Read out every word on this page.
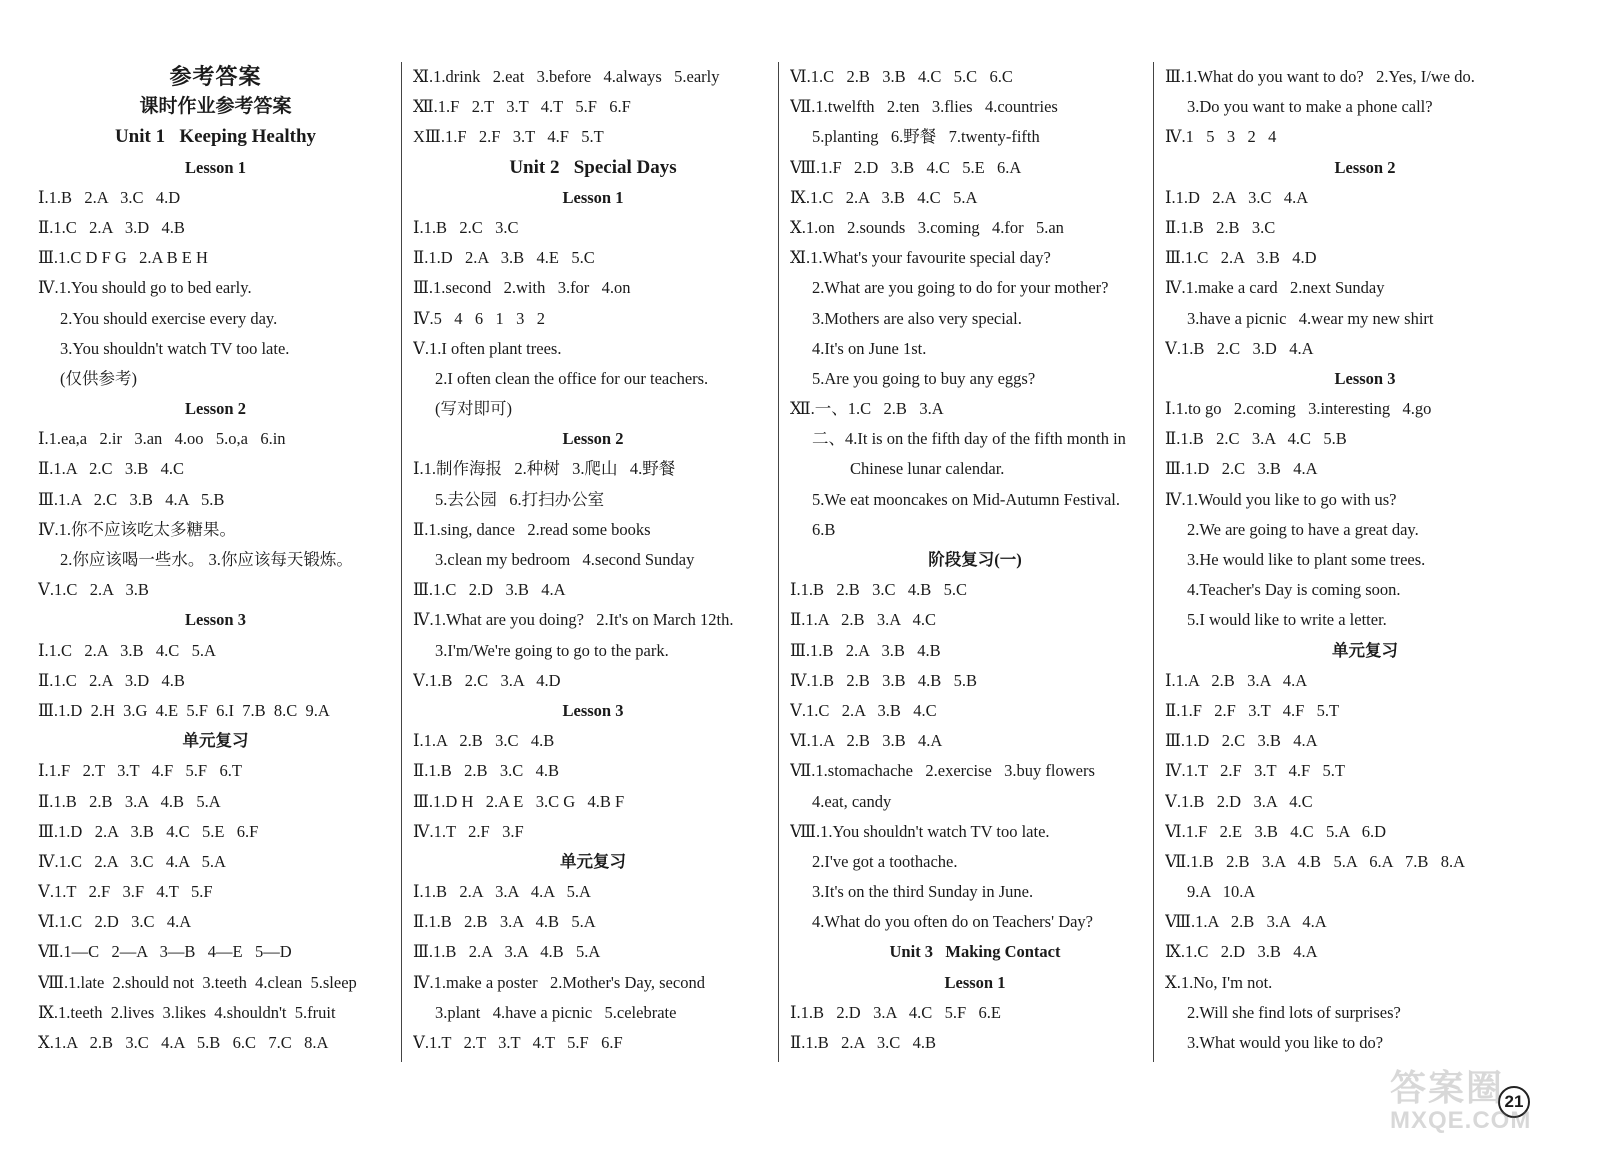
参考答案
课时作业参考答案
Unit 1   Keeping Healthy
Lesson 1
Ⅰ.1.B   2.A   3.C   4.D
Ⅱ.1.C   2.A   3.D   4.B
Ⅲ.1.C D F G   2.A B E H
Ⅳ.1.You should go to bed early.
2.You should exercise every day.
3.You shouldn't watch TV too late.
(仅供参考)
Lesson 2
Ⅰ.1.ea,a   2.ir   3.an   4.oo   5.o,a   6.in
Ⅱ.1.A   2.C   3.B   4.C
Ⅲ.1.A   2.C   3.B   4.A   5.B
Ⅳ.1.你不应该吃太多糖果。
2.你应该喝一些水。 3.你应该每天锻炼。
Ⅴ.1.C   2.A   3.B
Lesson 3
Ⅰ.1.C   2.A   3.B   4.C   5.A
Ⅱ.1.C   2.A   3.D   4.B
Ⅲ.1.D  2.H  3.G  4.E  5.F  6.I  7.B  8.C  9.A
单元复习
Ⅰ.1.F   2.T   3.T   4.F   5.F   6.T
Ⅱ.1.B   2.B   3.A   4.B   5.A
Ⅲ.1.D   2.A   3.B   4.C   5.E   6.F
Ⅳ.1.C   2.A   3.C   4.A   5.A
Ⅴ.1.T   2.F   3.F   4.T   5.F
Ⅵ.1.C   2.D   3.C   4.A
Ⅶ.1—C   2—A   3—B   4—E   5—D
Ⅷ.1.late  2.should not  3.teeth  4.clean  5.sleep
Ⅸ.1.teeth  2.lives  3.likes  4.shouldn't  5.fruit
Ⅹ.1.A   2.B   3.C   4.A   5.B   6.C   7.C   8.A
Ⅺ.1.drink   2.eat   3.before   4.always   5.early
Ⅻ.1.F   2.T   3.T   4.T   5.F   6.F
XⅢ.1.F   2.F   3.T   4.F   5.T
Unit 2   Special Days
Lesson 1
Ⅰ.1.B   2.C   3.C
Ⅱ.1.D   2.A   3.B   4.E   5.C
Ⅲ.1.second   2.with   3.for   4.on
Ⅳ.5   4   6   1   3   2
Ⅴ.1.I often plant trees.
2.I often clean the office for our teachers.
(写对即可)
Lesson 2
Ⅰ.1.制作海报   2.种树   3.爬山   4.野餐
5.去公园   6.打扫办公室
Ⅱ.1.sing, dance   2.read some books
3.clean my bedroom   4.second Sunday
Ⅲ.1.C   2.D   3.B   4.A
Ⅳ.1.What are you doing?   2.It's on March 12th.
3.I'm/We're going to go to the park.
Ⅴ.1.B   2.C   3.A   4.D
Lesson 3
Ⅰ.1.A   2.B   3.C   4.B
Ⅱ.1.B   2.B   3.C   4.B
Ⅲ.1.D H   2.A E   3.C G   4.B F
Ⅳ.1.T   2.F   3.F
单元复习
Ⅰ.1.B   2.A   3.A   4.A   5.A
Ⅱ.1.B   2.B   3.A   4.B   5.A
Ⅲ.1.B   2.A   3.A   4.B   5.A
Ⅳ.1.make a poster   2.Mother's Day, second
3.plant   4.have a picnic   5.celebrate
Ⅴ.1.T   2.T   3.T   4.T   5.F   6.F
Ⅵ.1.C   2.B   3.B   4.C   5.C   6.C
Ⅶ.1.twelfth   2.ten   3.flies   4.countries
5.planting   6.野餐   7.twenty-fifth
Ⅷ.1.F   2.D   3.B   4.C   5.E   6.A
Ⅸ.1.C   2.A   3.B   4.C   5.A
Ⅹ.1.on   2.sounds   3.coming   4.for   5.an
Ⅺ.1.What's your favourite special day?
2.What are you going to do for your mother?
3.Mothers are also very special.
4.It's on June 1st.
5.Are you going to buy any eggs?
Ⅻ.一、1.C   2.B   3.A
二、4.It is on the fifth day of the fifth month in
Chinese lunar calendar.
5.We eat mooncakes on Mid-Autumn Festival.
6.B
阶段复习(一)
Ⅰ.1.B   2.B   3.C   4.B   5.C
Ⅱ.1.A   2.B   3.A   4.C
Ⅲ.1.B   2.A   3.B   4.B
Ⅳ.1.B   2.B   3.B   4.B   5.B
Ⅴ.1.C   2.A   3.B   4.C
Ⅵ.1.A   2.B   3.B   4.A
Ⅶ.1.stomachache   2.exercise   3.buy flowers
4.eat, candy
Ⅷ.1.You shouldn't watch TV too late.
2.I've got a toothache.
3.It's on the third Sunday in June.
4.What do you often do on Teachers' Day?
Unit 3   Making Contact
Lesson 1
Ⅰ.1.B   2.D   3.A   4.C   5.F   6.E
Ⅱ.1.B   2.A   3.C   4.B
Ⅲ.1.What do you want to do?   2.Yes, I/we do.
3.Do you want to make a phone call?
Ⅳ.1   5   3   2   4
Lesson 2
Ⅰ.1.D   2.A   3.C   4.A
Ⅱ.1.B   2.B   3.C
Ⅲ.1.C   2.A   3.B   4.D
Ⅳ.1.make a card   2.next Sunday
3.have a picnic   4.wear my new shirt
Ⅴ.1.B   2.C   3.D   4.A
Lesson 3
Ⅰ.1.to go   2.coming   3.interesting   4.go
Ⅱ.1.B   2.C   3.A   4.C   5.B
Ⅲ.1.D   2.C   3.B   4.A
Ⅳ.1.Would you like to go with us?
2.We are going to have a great day.
3.He would like to plant some trees.
4.Teacher's Day is coming soon.
5.I would like to write a letter.
单元复习
Ⅰ.1.A   2.B   3.A   4.A
Ⅱ.1.F   2.F   3.T   4.F   5.T
Ⅲ.1.D   2.C   3.B   4.A
Ⅳ.1.T   2.F   3.T   4.F   5.T
Ⅴ.1.B   2.D   3.A   4.C
Ⅵ.1.F   2.E   3.B   4.C   5.A   6.D
Ⅶ.1.B   2.B   3.A   4.B   5.A   6.A   7.B   8.A
9.A   10.A
Ⅷ.1.A   2.B   3.A   4.A
Ⅸ.1.C   2.D   3.B   4.A
Ⅹ.1.No, I'm not.
2.Will she find lots of surprises?
3.What would you like to do?
21
答案圈
MXQE.COM
